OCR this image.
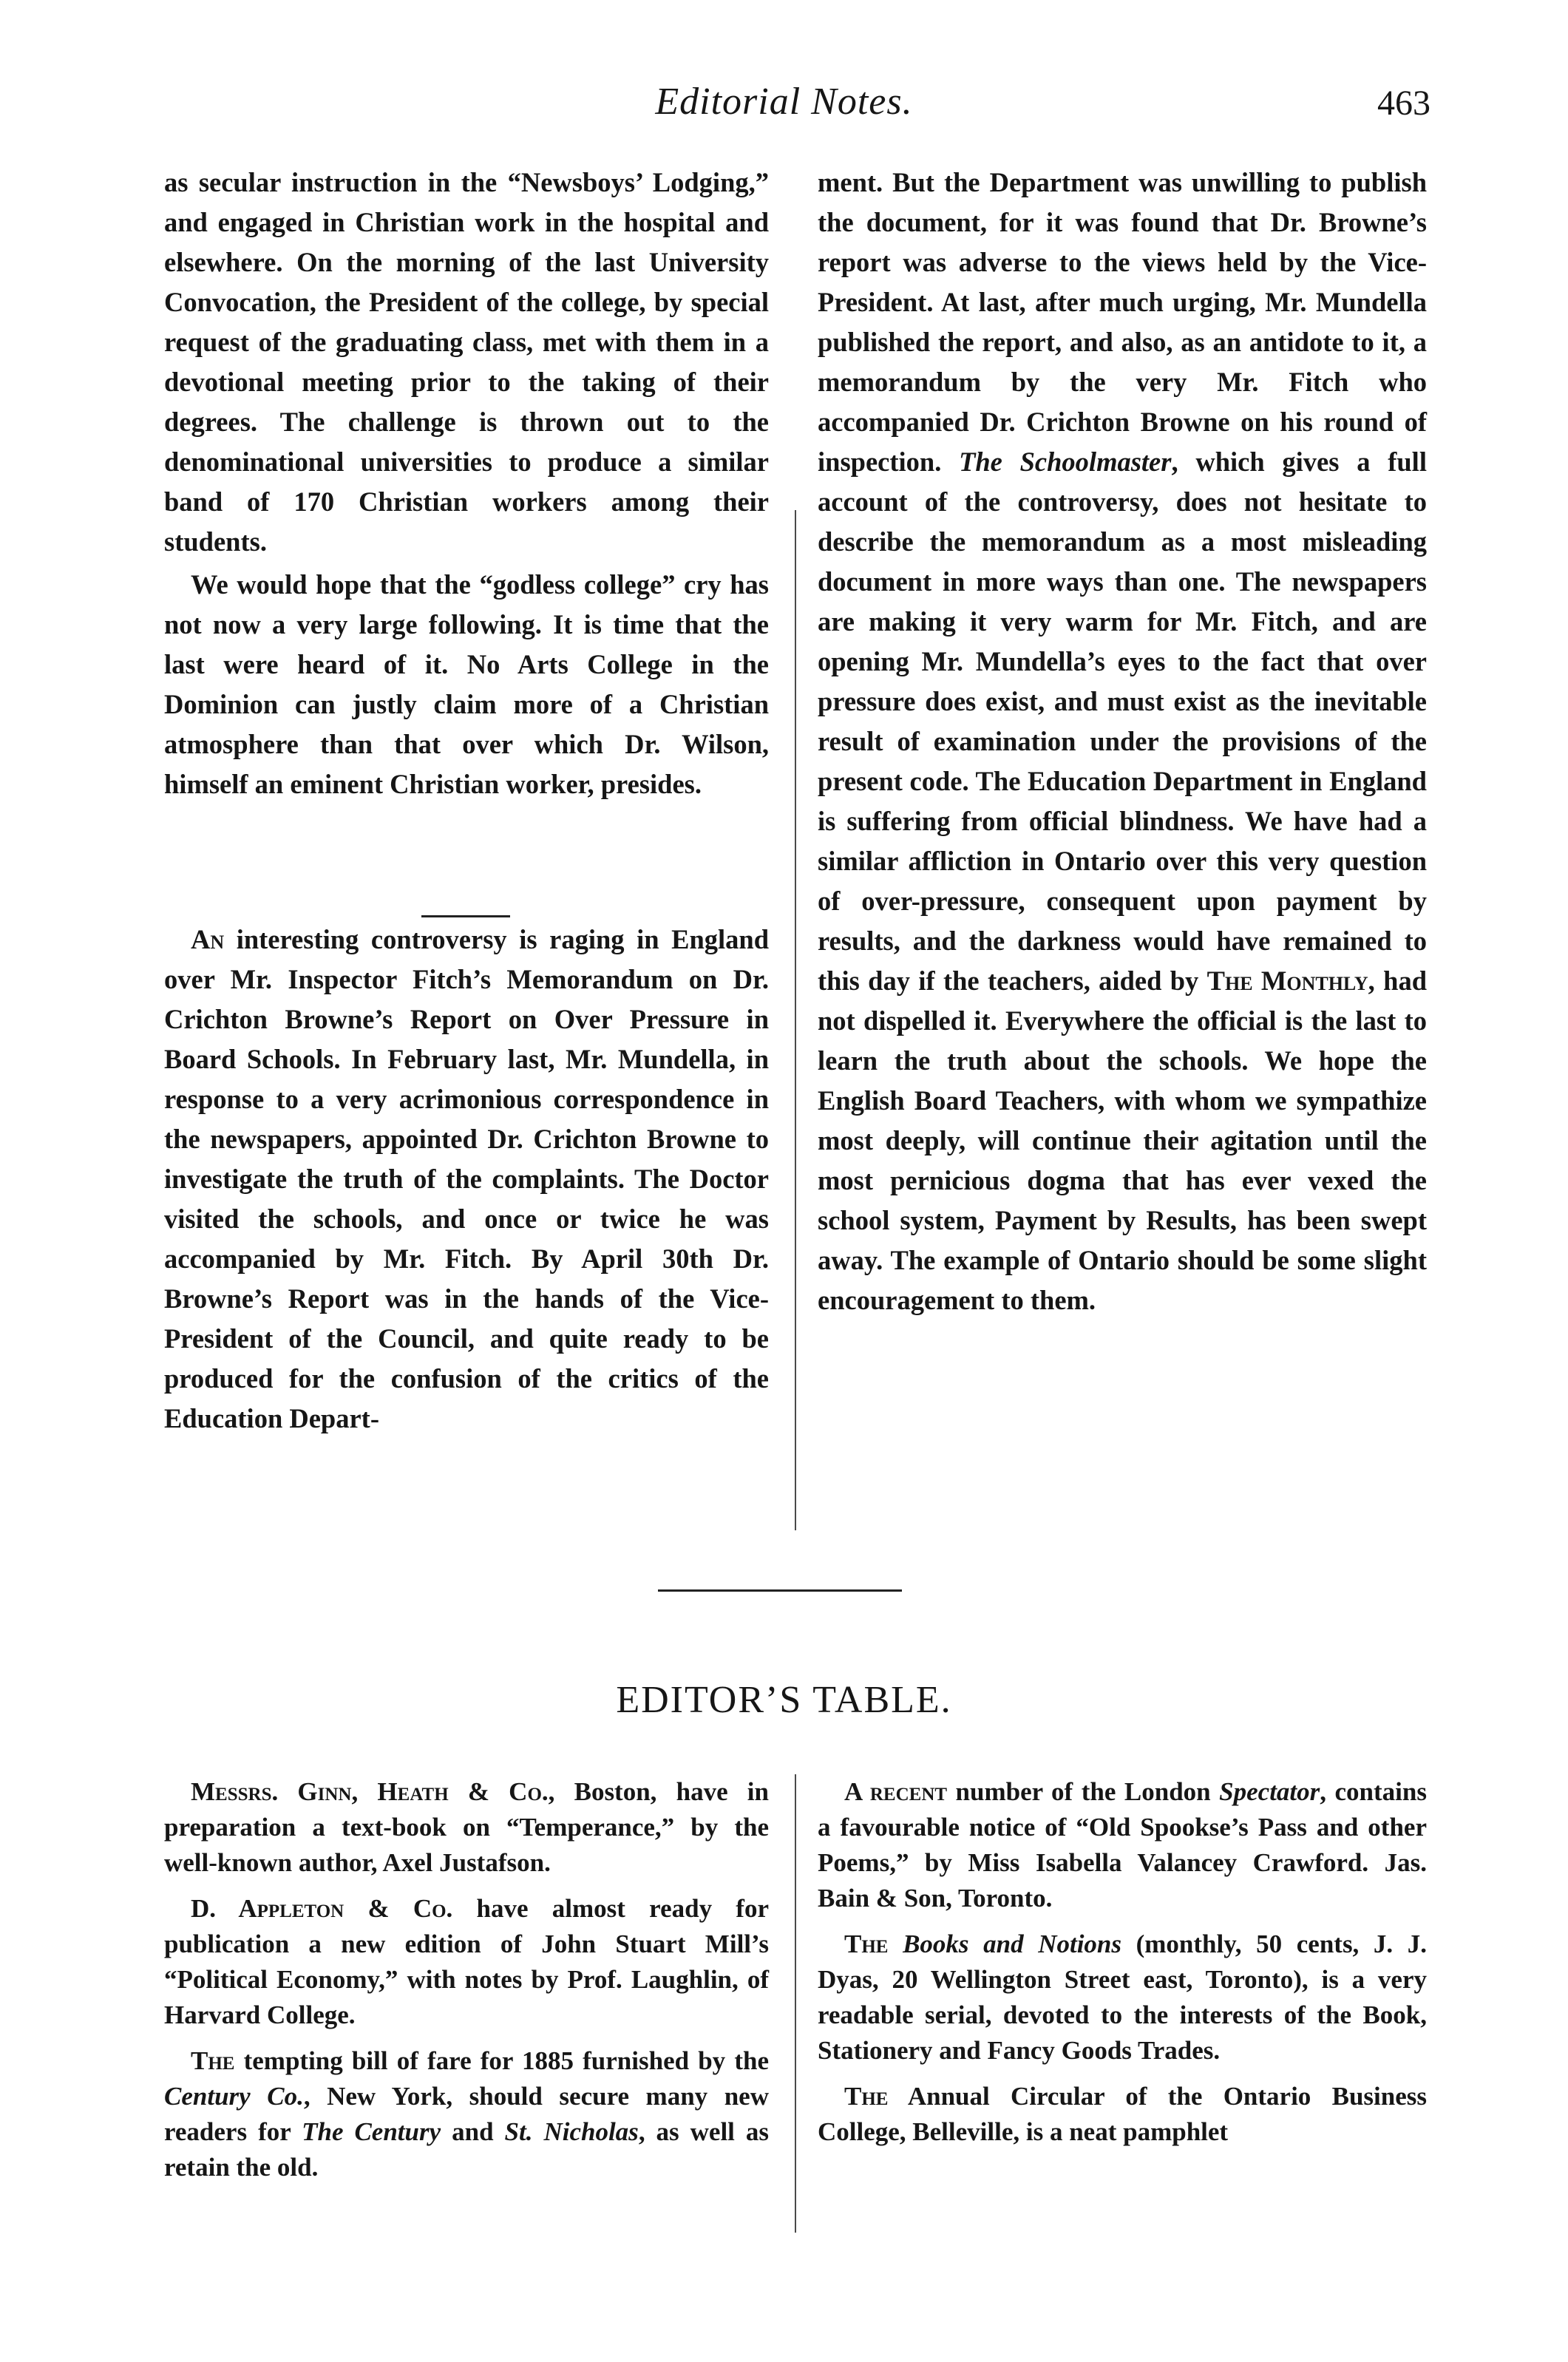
Editorial Notes.	463

as secular instruction in the “Newsboys’ Lodging,” and engaged in Christian work in the hospital and elsewhere. On the morning of the last University Convocation, the President of the college, by special request of the graduating class, met with them in a devotional meeting prior to the taking of their degrees. The challenge is thrown out to the denominational universities to produce a similar band of 170 Christian workers among their students.

We would hope that the “godless college” cry has not now a very large following. It is time that the last were heard of it. No Arts College in the Dominion can justly claim more of a Christian atmosphere than that over which Dr. Wilson, himself an eminent Christian worker, presides.

An interesting controversy is raging in England over Mr. Inspector Fitch’s Memorandum on Dr. Crichton Browne’s Report on Over Pressure in Board Schools. In February last, Mr. Mundella, in response to a very acrimonious correspondence in the newspapers, appointed Dr. Crichton Browne to investigate the truth of the complaints. The Doctor visited the schools, and once or twice he was accompanied by Mr. Fitch. By April 30th Dr. Browne’s Report was in the hands of the Vice-President of the Council, and quite ready to be produced for the confusion of the critics of the Education Depart-

ment. But the Department was unwilling to publish the document, for it was found that Dr. Browne’s report was adverse to the views held by the Vice-President. At last, after much urging, Mr. Mundella published the report, and also, as an antidote to it, a memorandum by the very Mr. Fitch who accompanied Dr. Crichton Browne on his round of inspection. The Schoolmaster, which gives a full account of the controversy, does not hesitate to describe the memorandum as a most misleading document in more ways than one. The newspapers are making it very warm for Mr. Fitch, and are opening Mr. Mundella’s eyes to the fact that over pressure does exist, and must exist as the inevitable result of examination under the provisions of the present code. The Education Department in England is suffering from official blindness. We have had a similar affliction in Ontario over this very question of over-pressure, consequent upon payment by results, and the darkness would have remained to this day if the teachers, aided by The Monthly, had not dispelled it. Everywhere the official is the last to learn the truth about the schools. We hope the English Board Teachers, with whom we sympathize most deeply, will continue their agitation until the most pernicious dogma that has ever vexed the school system, Payment by Results, has been swept away. The example of Ontario should be some slight encouragement to them.

EDITOR’S TABLE.

Messrs. Ginn, Heath & Co., Boston, have in preparation a text-book on “Temperance,” by the well-known author, Axel Justafson.

D. Appleton & Co. have almost ready for publication a new edition of John Stuart Mill’s “Political Economy,” with notes by Prof. Laughlin, of Harvard College.

The tempting bill of fare for 1885 furnished by the Century Co., New York, should secure many new readers for The Century and St. Nicholas, as well as retain the old.

A recent number of the London Spectator, contains a favourable notice of “Old Spookse’s Pass and other Poems,” by Miss Isabella Valancey Crawford. Jas. Bain & Son, Toronto.

The Books and Notions (monthly, 50 cents, J. J. Dyas, 20 Wellington Street east, Toronto), is a very readable serial, devoted to the interests of the Book, Stationery and Fancy Goods Trades.

The Annual Circular of the Ontario Business College, Belleville, is a neat pamphlet
